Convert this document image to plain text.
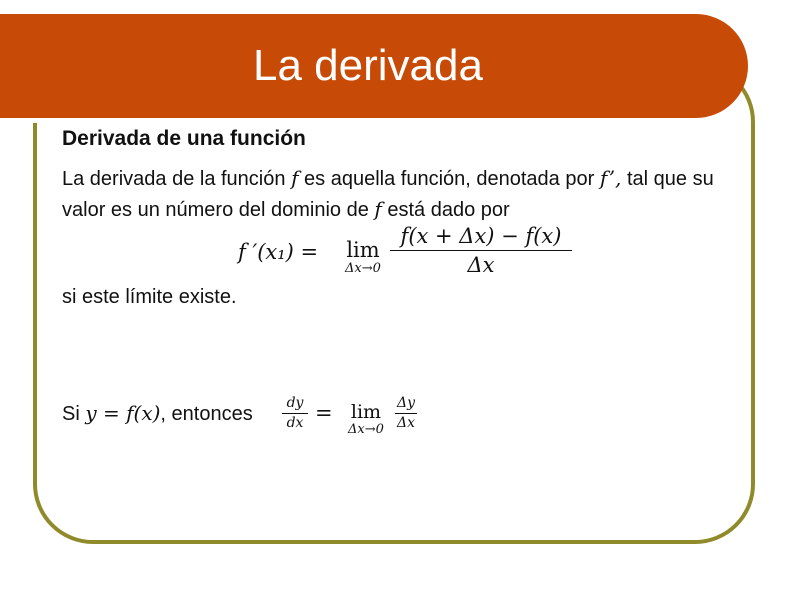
La derivada
Derivada de una función

La derivada de la función f es aquella función, denotada por f’, tal que su valor es un número del dominio de f está dado por

f ′(x₁) =	lim
Δx→0
f(x + Δx) − f(x)
Δx
si este límite existe.
Si y = f(x), entonces	dy
dx = lim
Δx→0
Δy
Δx
